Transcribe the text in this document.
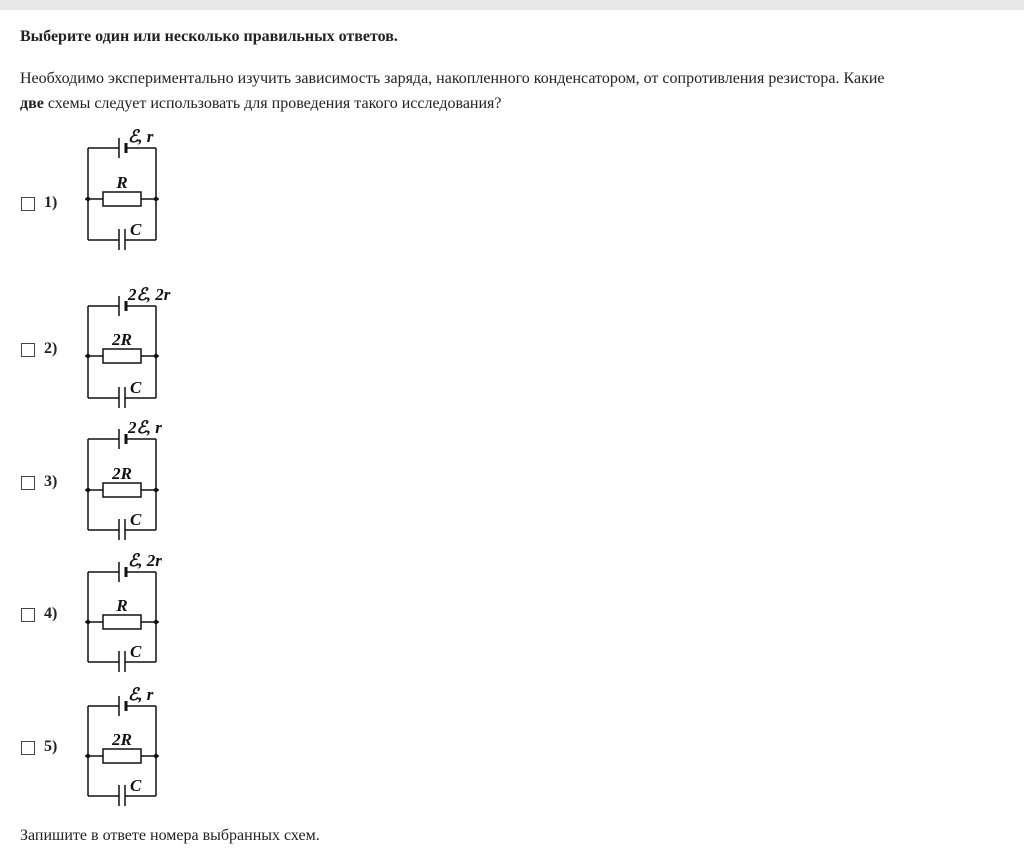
Выберите один или несколько правильных ответов.
Необходимо экспериментально изучить зависимость заряда, накопленного конденсатором, от сопротивления резистора. Какие
две схемы следует использовать для проведения такого исследования?
1)
ℰ, r
R
C
2)
2ℰ, 2r
2R
C
3)
2ℰ, r
2R
C
4)
ℰ, 2r
R
C
5)
ℰ, r
2R
C
Запишите в ответе номера выбранных схем.
